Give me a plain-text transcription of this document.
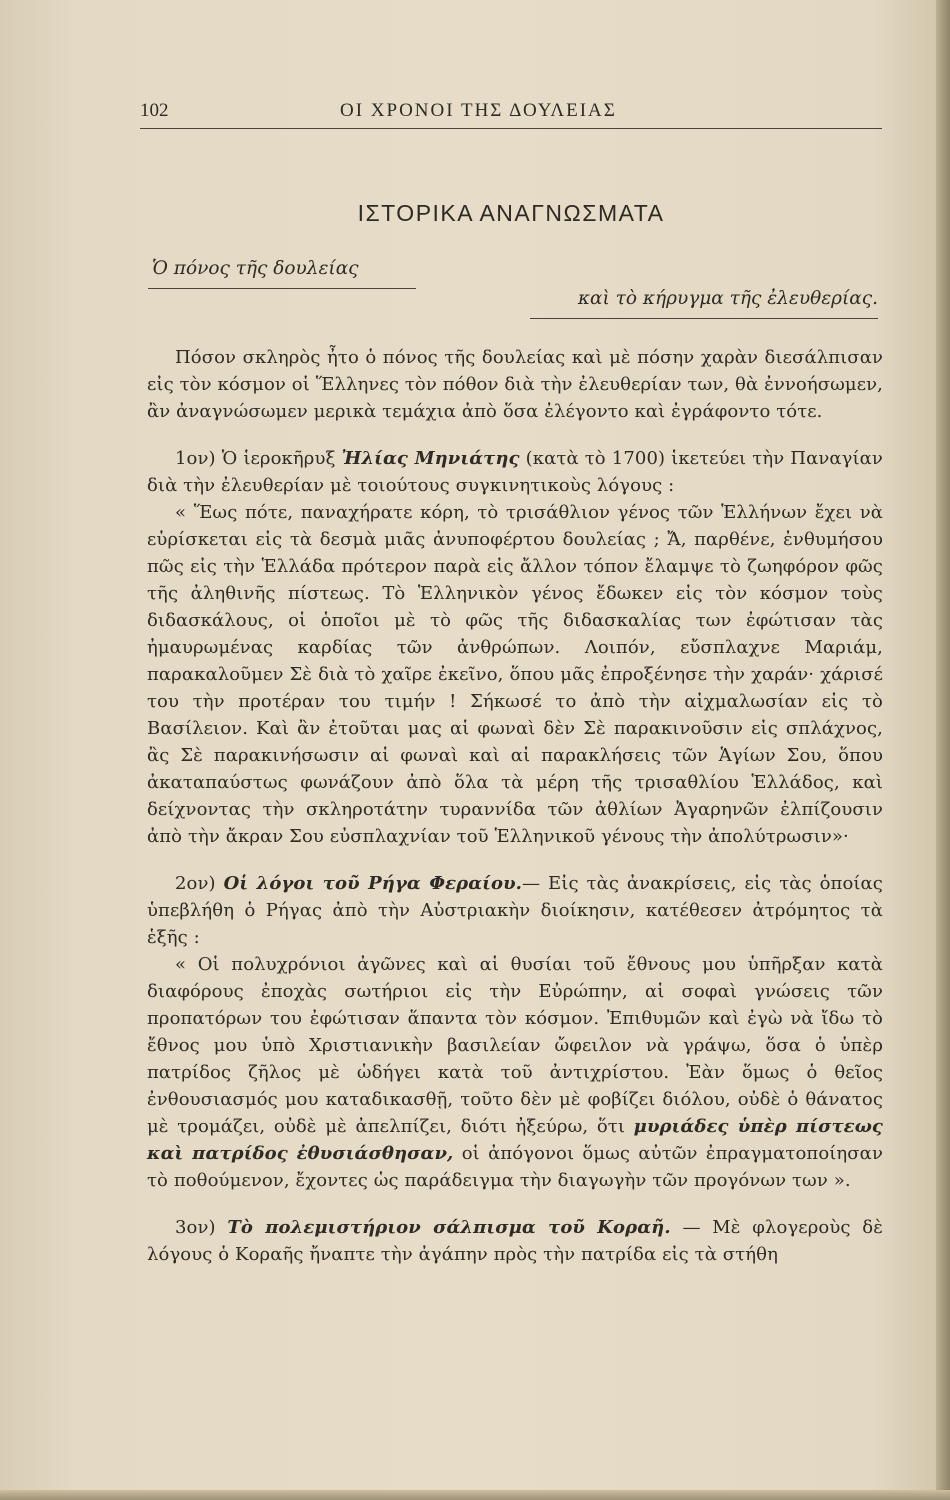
102	ΟΙ ΧΡΟΝΟΙ ΤΗΣ ΔΟΥΛΕΙΑΣ
ΙΣΤΟΡΙΚΑ ΑΝΑΓΝΩΣΜΑΤΑ
Ὁ πόνος τῆς δουλείας
καὶ τὸ κήρυγμα τῆς ἐλευθερίας.

Πόσον σκληρὸς ἦτο ὁ πόνος τῆς δουλείας καὶ μὲ πόσην χαρὰν διεσάλπισαν εἰς τὸν κόσμον οἱ Ἕλληνες τὸν πόθον διὰ τὴν ἐλευθερίαν των, θὰ ἐννοήσωμεν, ἂν ἀναγνώσωμεν μερικὰ τεμάχια ἀπὸ ὅσα ἐλέγοντο καὶ ἐγράφοντο τότε.

1ον) Ὁ ἱεροκῆρυξ Ἠλίας Μηνιάτης (κατὰ τὸ 1700) ἱκετεύει τὴν Παναγίαν διὰ τὴν ἐλευθερίαν μὲ τοιούτους συγκινητικοὺς λόγους :

« Ἕως πότε, παναχήρατε κόρη, τὸ τρισάθλιον γένος τῶν Ἑλλήνων ἔχει νὰ εὑρίσκεται εἰς τὰ δεσμὰ μιᾶς ἀνυποφέρτου δουλείας ; Ἄ, παρθένε, ἐνθυμήσου πῶς εἰς τὴν Ἑλλάδα πρότερον παρὰ εἰς ἄλλον τόπον ἔλαμψε τὸ ζωηφόρον φῶς τῆς ἀληθινῆς πίστεως. Τὸ Ἑλληνικὸν γένος ἔδωκεν εἰς τὸν κόσμον τοὺς διδασκάλους, οἱ ὁποῖοι μὲ τὸ φῶς τῆς διδασκαλίας των ἐφώτισαν τὰς ἠμαυρωμένας καρδίας τῶν ἀνθρώπων. Λοιπόν, εὔσπλαχνε Μαριάμ, παρακαλοῦμεν Σὲ διὰ τὸ χαῖρε ἐκεῖνο, ὅπου μᾶς ἐπροξένησε τὴν χαράν· χάρισέ του τὴν προτέραν του τιμήν ! Σήκωσέ το ἀπὸ τὴν αἰχμαλωσίαν εἰς τὸ Βασίλειον. Καὶ ἂν ἐτοῦται μας αἱ φωναὶ δὲν Σὲ παρακινοῦσιν εἰς σπλάχνος, ἂς Σὲ παρακινήσωσιν αἱ φωναὶ καὶ αἱ παρακλήσεις τῶν Ἁγίων Σου, ὅπου ἀκαταπαύστως φωνάζουν ἀπὸ ὅλα τὰ μέρη τῆς τρισαθλίου Ἑλλάδος, καὶ δείχνοντας τὴν σκληροτάτην τυραννίδα τῶν ἀθλίων Ἀγαρηνῶν ἐλπίζουσιν ἀπὸ τὴν ἄκραν Σου εὐσπλαχνίαν τοῦ Ἑλληνικοῦ γένους τὴν ἀπολύτρωσιν»·

2ον) Οἱ λόγοι τοῦ Ρήγα Φεραίου.— Εἰς τὰς ἀνακρίσεις, εἰς τὰς ὁποίας ὑπεβλήθη ὁ Ρήγας ἀπὸ τὴν Αὐστριακὴν διοίκησιν, κατέθεσεν ἀτρόμητος τὰ ἑξῆς :

« Οἱ πολυχρόνιοι ἀγῶνες καὶ αἱ θυσίαι τοῦ ἔθνους μου ὑπῆρξαν κατὰ διαφόρους ἐποχὰς σωτήριοι εἰς τὴν Εὐρώπην, αἱ σοφαὶ γνώσεις τῶν προπατόρων του ἐφώτισαν ἅπαντα τὸν κόσμον. Ἐπιθυμῶν καὶ ἐγὼ νὰ ἴδω τὸ ἔθνος μου ὑπὸ Χριστιανικὴν βασιλείαν ὤφειλον νὰ γράψω, ὅσα ὁ ὑπὲρ πατρίδος ζῆλος μὲ ὡδήγει κατὰ τοῦ ἀντιχρίστου. Ἐὰν ὅμως ὁ θεῖος ἐνθουσιασμός μου καταδικασθῇ, τοῦτο δὲν μὲ φοβίζει διόλου, οὐδὲ ὁ θάνατος μὲ τρομάζει, οὐδὲ μὲ ἀπελπίζει, διότι ἠξεύρω, ὅτι μυριάδες ὑπὲρ πίστεως καὶ πατρίδος ἐθυσιάσθησαν, οἱ ἀπόγονοι ὅμως αὐτῶν ἐπραγματοποίησαν τὸ ποθούμενον, ἔχοντες ὡς παράδειγμα τὴν διαγωγὴν τῶν προγόνων των ».

3ον) Τὸ πολεμιστήριον σάλπισμα τοῦ Κοραῆ. — Μὲ φλογεροὺς δὲ λόγους ὁ Κοραῆς ἤναπτε τὴν ἀγάπην πρὸς τὴν πατρίδα εἰς τὰ στήθη
